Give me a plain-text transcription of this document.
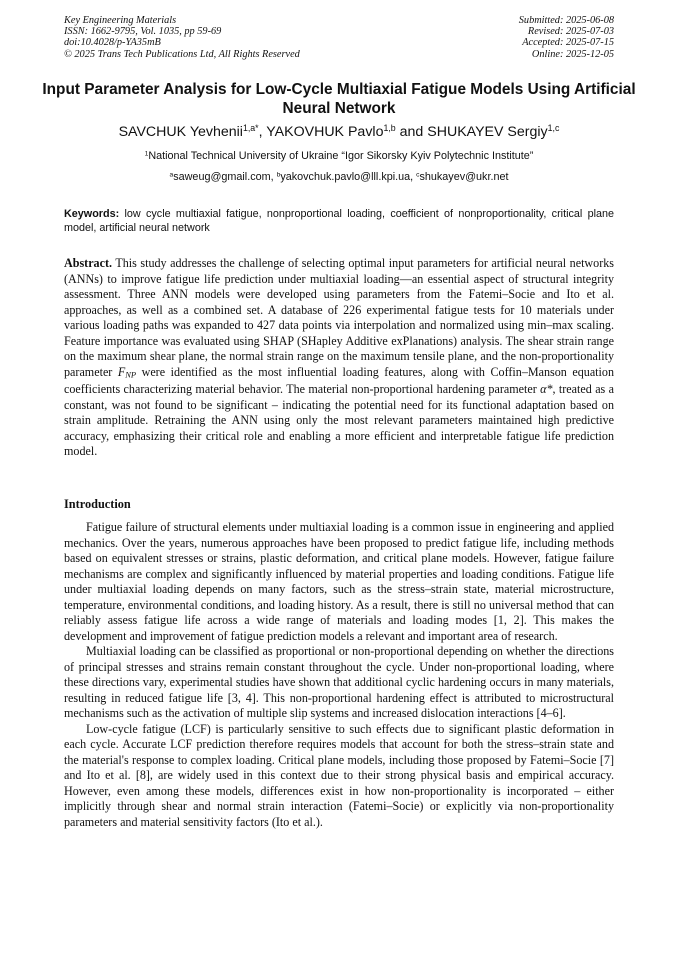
Key Engineering Materials
ISSN: 1662-9795, Vol. 1035, pp 59-69
doi:10.4028/p-YA35mB
© 2025 Trans Tech Publications Ltd, All Rights Reserved
Submitted: 2025-06-08
Revised: 2025-07-03
Accepted: 2025-07-15
Online: 2025-12-05
Input Parameter Analysis for Low-Cycle Multiaxial Fatigue Models Using Artificial Neural Network
SAVCHUK Yevhenii$^{1,a*}$, YAKOVHUK Pavlo$^{1,b}$ and SHUKAYEV Sergiy$^{1,c}$
$^1$National Technical University of Ukraine “Igor Sikorsky Kyiv Polytechnic Institute”
$^a$saweug@gmail.com, $^b$yakovchuk.pavlo@lll.kpi.ua, $^c$shukayev@ukr.net
Keywords: low cycle multiaxial fatigue, nonproportional loading, coefficient of nonproportionality, critical plane model, artificial neural network
Abstract. This study addresses the challenge of selecting optimal input parameters for artificial neural networks (ANNs) to improve fatigue life prediction under multiaxial loading—an essential aspect of structural integrity assessment. Three ANN models were developed using parameters from the Fatemi–Socie and Ito et al. approaches, as well as a combined set. A database of 226 experimental fatigue tests for 10 materials under various loading paths was expanded to 427 data points via interpolation and normalized using min–max scaling. Feature importance was evaluated using SHAP (SHapley Additive exPlanations) analysis. The shear strain range on the maximum shear plane, the normal strain range on the maximum tensile plane, and the non-proportionality parameter FNP were identified as the most influential loading features, along with Coffin–Manson equation coefficients characterizing material behavior. The material non-proportional hardening parameter α*, treated as a constant, was not found to be significant – indicating the potential need for its functional adaptation based on strain amplitude. Retraining the ANN using only the most relevant parameters maintained high predictive accuracy, emphasizing their critical role and enabling a more efficient and interpretable fatigue life prediction model.
Introduction

Fatigue failure of structural elements under multiaxial loading is a common issue in engineering and applied mechanics. Over the years, numerous approaches have been proposed to predict fatigue life, including methods based on equivalent stresses or strains, plastic deformation, and critical plane models. However, fatigue failure mechanisms are complex and significantly influenced by material properties and loading conditions. Fatigue life under multiaxial loading depends on many factors, such as the stress–strain state, material microstructure, temperature, environmental conditions, and loading history. As a result, there is still no universal method that can reliably assess fatigue life across a wide range of materials and loading modes [1, 2]. This makes the development and improvement of fatigue prediction models a relevant and important area of research.

Multiaxial loading can be classified as proportional or non-proportional depending on whether the directions of principal stresses and strains remain constant throughout the cycle. Under non-proportional loading, where these directions vary, experimental studies have shown that additional cyclic hardening occurs in many materials, resulting in reduced fatigue life [3, 4]. This non-proportional hardening effect is attributed to microstructural mechanisms such as the activation of multiple slip systems and increased dislocation interactions [4–6].

Low-cycle fatigue (LCF) is particularly sensitive to such effects due to significant plastic deformation in each cycle. Accurate LCF prediction therefore requires models that account for both the stress–strain state and the material's response to complex loading. Critical plane models, including those proposed by Fatemi–Socie [7] and Ito et al. [8], are widely used in this context due to their strong physical basis and empirical accuracy. However, even among these models, differences exist in how non-proportionality is incorporated – either implicitly through shear and normal strain interaction (Fatemi–Socie) or explicitly via non-proportionality parameters and material sensitivity factors (Ito et al.).
